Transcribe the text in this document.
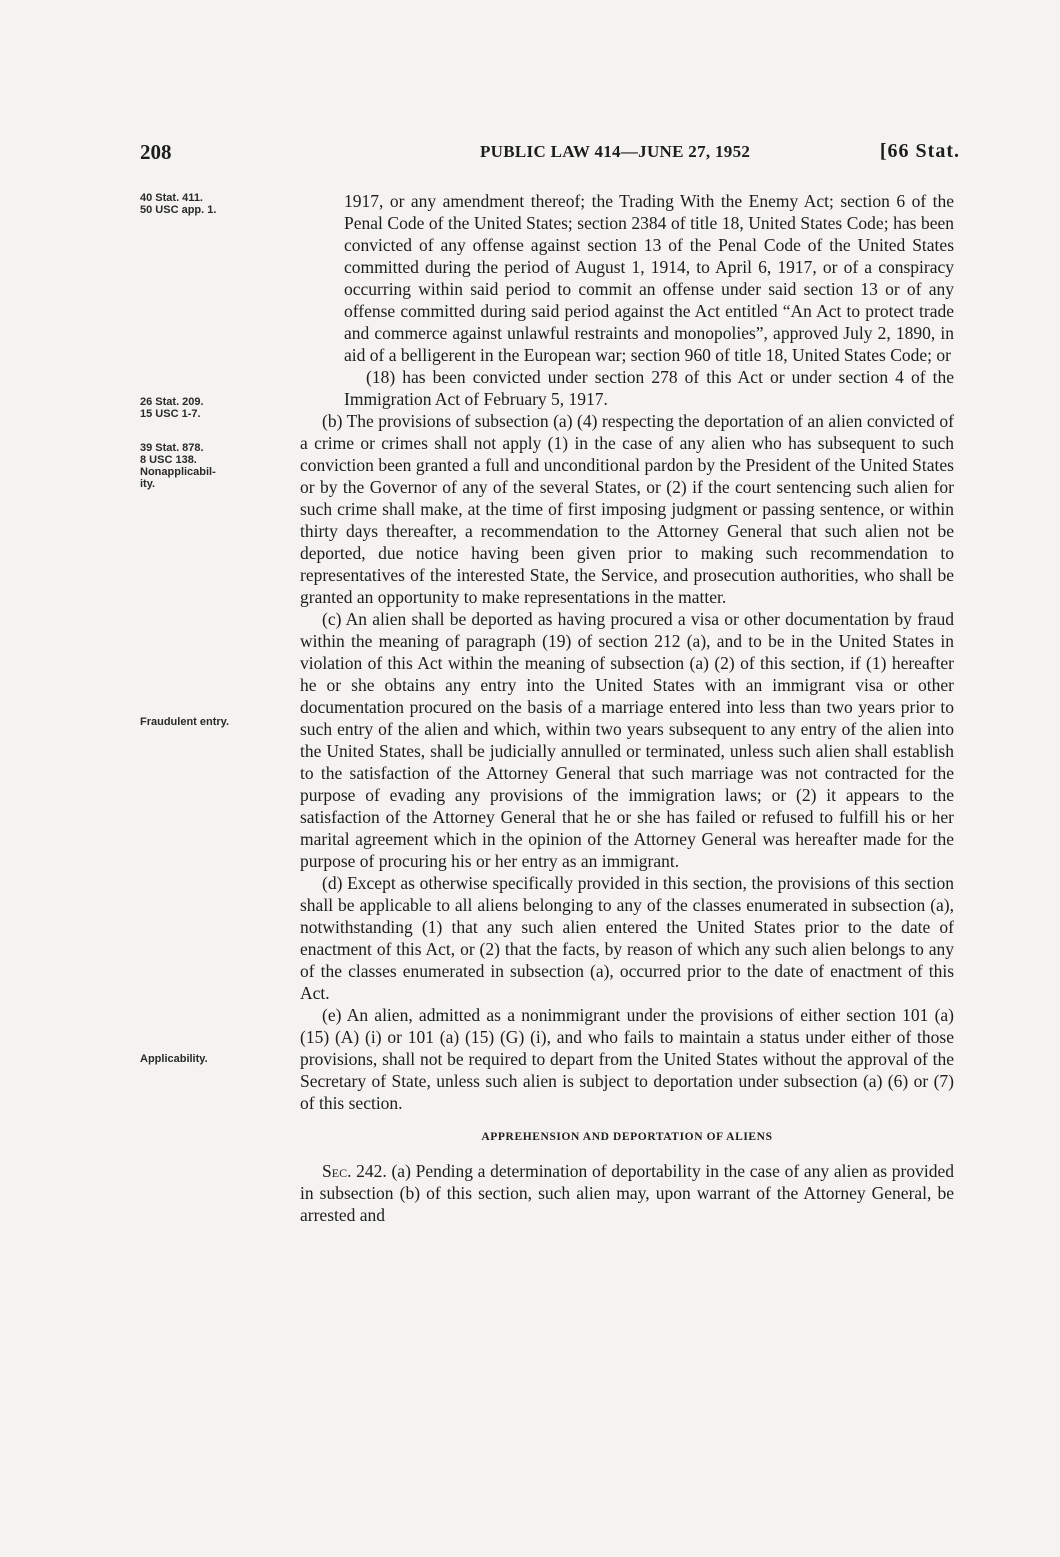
208	PUBLIC LAW 414—JUNE 27, 1952	[66 Stat.
40 Stat. 411.
50 USC app. 1.
26 Stat. 209.
15 USC 1-7.
39 Stat. 878.
8 USC 138.
Nonapplicabil-
ity.
Fraudulent entry.
Applicability.

1917, or any amendment thereof; the Trading With the Enemy Act; section 6 of the Penal Code of the United States; section 2384 of title 18, United States Code; has been convicted of any offense against section 13 of the Penal Code of the United States committed during the period of August 1, 1914, to April 6, 1917, or of a conspiracy occurring within said period to commit an offense under said section 13 or of any offense committed during said period against the Act entitled “An Act to protect trade and commerce against unlawful restraints and monopolies”, approved July 2, 1890, in aid of a belligerent in the European war; section 960 of title 18, United States Code; or

(18) has been convicted under section 278 of this Act or under section 4 of the Immigration Act of February 5, 1917.

(b) The provisions of subsection (a) (4) respecting the deportation of an alien convicted of a crime or crimes shall not apply (1) in the case of any alien who has subsequent to such conviction been granted a full and unconditional pardon by the President of the United States or by the Governor of any of the several States, or (2) if the court sentencing such alien for such crime shall make, at the time of first imposing judgment or passing sentence, or within thirty days thereafter, a recommendation to the Attorney General that such alien not be deported, due notice having been given prior to making such recommendation to representatives of the interested State, the Service, and prosecution authorities, who shall be granted an opportunity to make representations in the matter.

(c) An alien shall be deported as having procured a visa or other documentation by fraud within the meaning of paragraph (19) of section 212 (a), and to be in the United States in violation of this Act within the meaning of subsection (a) (2) of this section, if (1) hereafter he or she obtains any entry into the United States with an immigrant visa or other documentation procured on the basis of a marriage entered into less than two years prior to such entry of the alien and which, within two years subsequent to any entry of the alien into the United States, shall be judicially annulled or terminated, unless such alien shall establish to the satisfaction of the Attorney General that such marriage was not contracted for the purpose of evading any provisions of the immigration laws; or (2) it appears to the satisfaction of the Attorney General that he or she has failed or refused to fulfill his or her marital agreement which in the opinion of the Attorney General was hereafter made for the purpose of procuring his or her entry as an immigrant.

(d) Except as otherwise specifically provided in this section, the provisions of this section shall be applicable to all aliens belonging to any of the classes enumerated in subsection (a), notwithstanding (1) that any such alien entered the United States prior to the date of enactment of this Act, or (2) that the facts, by reason of which any such alien belongs to any of the classes enumerated in subsection (a), occurred prior to the date of enactment of this Act.

(e) An alien, admitted as a nonimmigrant under the provisions of either section 101 (a) (15) (A) (i) or 101 (a) (15) (G) (i), and who fails to maintain a status under either of those provisions, shall not be required to depart from the United States without the approval of the Secretary of State, unless such alien is subject to deportation under subsection (a) (6) or (7) of this section.

APPREHENSION AND DEPORTATION OF ALIENS

Sec. 242. (a) Pending a determination of deportability in the case of any alien as provided in subsection (b) of this section, such alien may, upon warrant of the Attorney General, be arrested and
